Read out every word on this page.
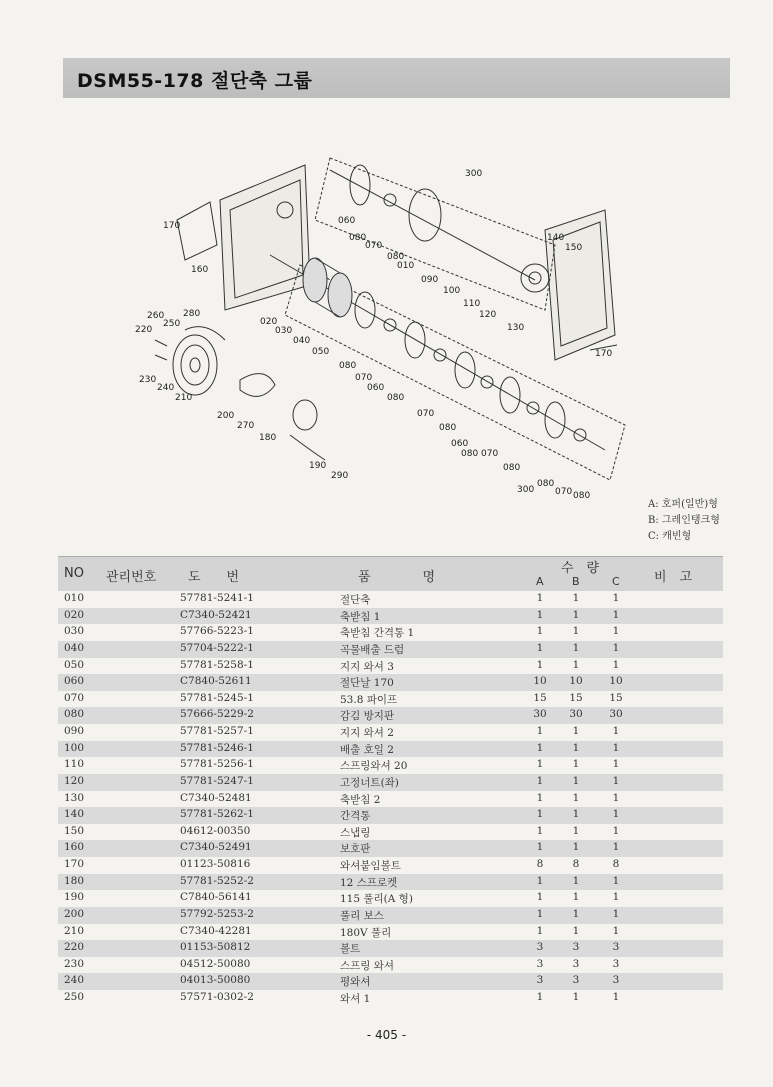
DSM55-178 절단축 그룹
300
060
080
070
080
010
090
100
140
150
110
120
130
170
160
020
030
040
050
080
070
060
080
070
080
060
080 070
080
300
080
070 080
170
260 280
220
250
230
240
210
200
270
180
190
290
A: 호퍼(일반)형
B: 그레인탱크형
C: 캐빈형
NO 관리번호 도　　번	품　　　　명
수　량
A	B	C	비　고
010	57781-5241-1	절단축	1	1	1
020	C7340-52421	축받침 1	1	1	1
030	57766-5223-1	축받침 간격통 1	1	1	1
040	57704-5222-1	곡물배출 드럼	1	1	1
050	57781-5258-1	지지 와셔 3	1	1	1
060	C7840-52611	절단날 170	10	10	10
070	57781-5245-1	53.8 파이프	15	15	15
080	57666-5229-2	감김 방지판	30	30	30
090	57781-5257-1	지지 와셔 2	1	1	1
100	57781-5246-1	배출 호일 2	1	1	1
110	57781-5256-1	스프링와셔 20	1	1	1
120	57781-5247-1	고정너트(좌)	1	1	1
130	C7340-52481	축받침 2	1	1	1
140	57781-5262-1	간격통	1	1	1
150	04612-00350	스냅링	1	1	1
160	C7340-52491	보호판	1	1	1
170	01123-50816	와셔붙임볼트	8	8	8
180	57781-5252-2	12 스프로켓	1	1	1
190	C7840-56141	115 풀리(A 형)	1	1	1
200	57792-5253-2	풀리 보스	1	1	1
210	C7340-42281	180V 풀리	1	1	1
220	01153-50812	볼트	3	3	3
230	04512-50080	스프링 와셔	3	3	3
240	04013-50080	평와셔	3	3	3
250	57571-0302-2	와셔 1	1	1	1
- 405 -
